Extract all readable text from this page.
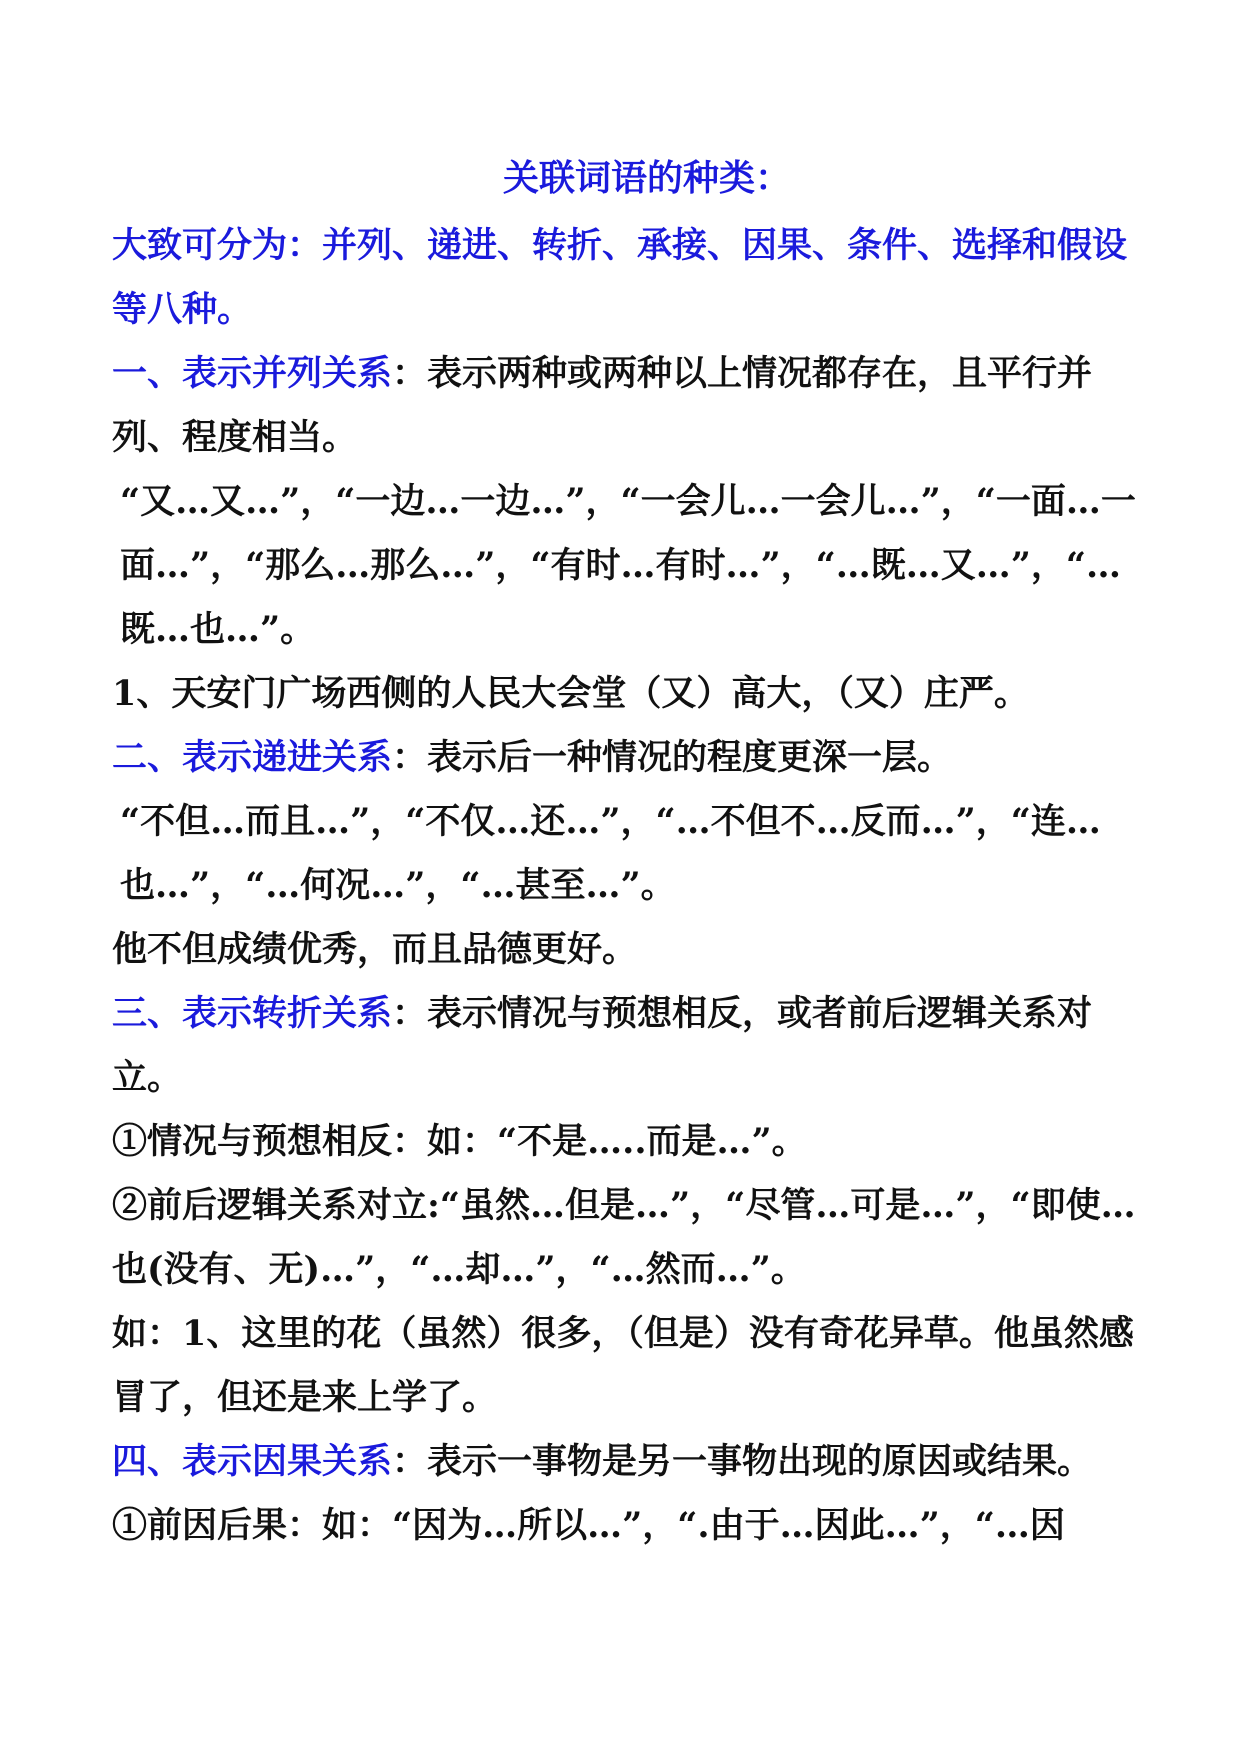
关联词语的种类：

大致可分为：并列、递进、转折、承接、因果、条件、选择和假设等八种。

一、表示并列关系：表示两种或两种以上情况都存在，且平行并列、程度相当。

“又…又…”，“一边…一边…”，“一会儿…一会儿…”，“一面…一面…”，“那么…那么…”，“有时…有时…”，“…既…又…”，“…既…也…”。

1、天安门广场西侧的人民大会堂（又）高大，（又）庄严。

二、表示递进关系：表示后一种情况的程度更深一层。

“不但…而且…”，“不仅…还…”，“…不但不…反而…”，“连…也…”，“…何况…”，“…甚至…”。

他不但成绩优秀，而且品德更好。

三、表示转折关系：表示情况与预想相反，或者前后逻辑关系对立。

①情况与预想相反：如：“不是…..而是…”。

②前后逻辑关系对立:“虽然…但是…”，“尽管…可是…”，“即使…也(没有、无)…”，“…却…”，“…然而…”。

如：1、这里的花（虽然）很多，（但是）没有奇花异草。他虽然感冒了，但还是来上学了。

四、表示因果关系：表示一事物是另一事物出现的原因或结果。

①前因后果：如：“因为…所以…”，“.由于…因此…”，“…因
